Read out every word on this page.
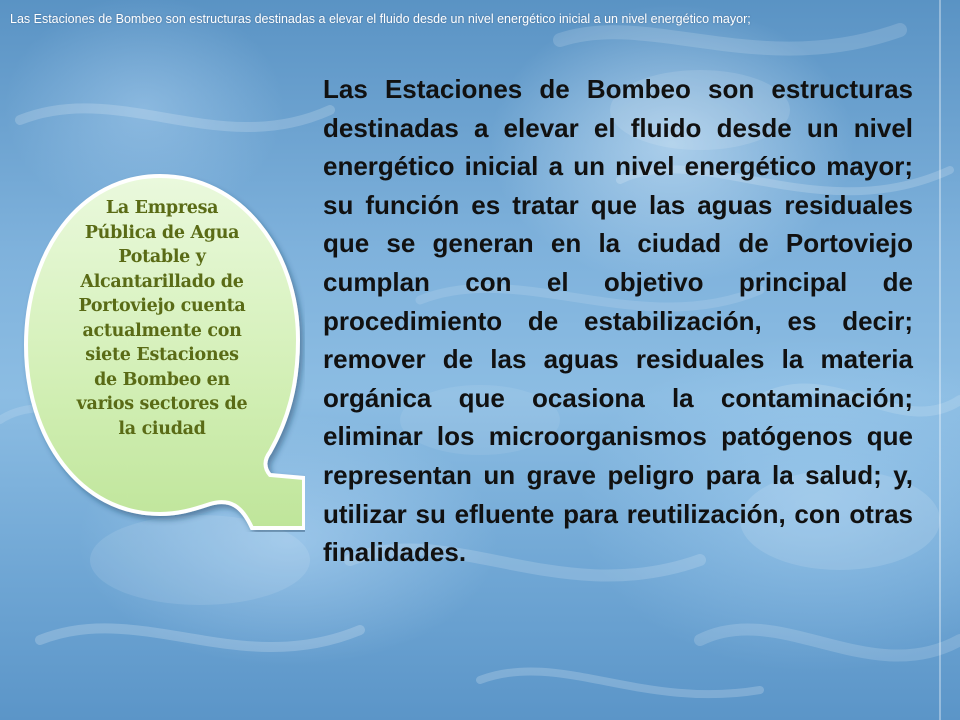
Las Estaciones de Bombeo son estructuras destinadas a elevar el fluido desde un nivel energético inicial a un nivel energético mayor;
La Empresa Pública de Agua Potable y Alcantarillado de Portoviejo cuenta actualmente con siete Estaciones de Bombeo en varios sectores de la ciudad
Las Estaciones de Bombeo son estructuras destinadas a elevar el fluido desde un nivel energético inicial a un nivel energético mayor; su función es tratar que las aguas residuales que se generan en la ciudad de Portoviejo cumplan con el objetivo principal de procedimiento de estabilización, es decir; remover de las aguas residuales la materia orgánica que ocasiona la contaminación; eliminar los microorganismos patógenos que representan un grave peligro para la salud; y, utilizar su efluente para reutilización, con otras finalidades.
